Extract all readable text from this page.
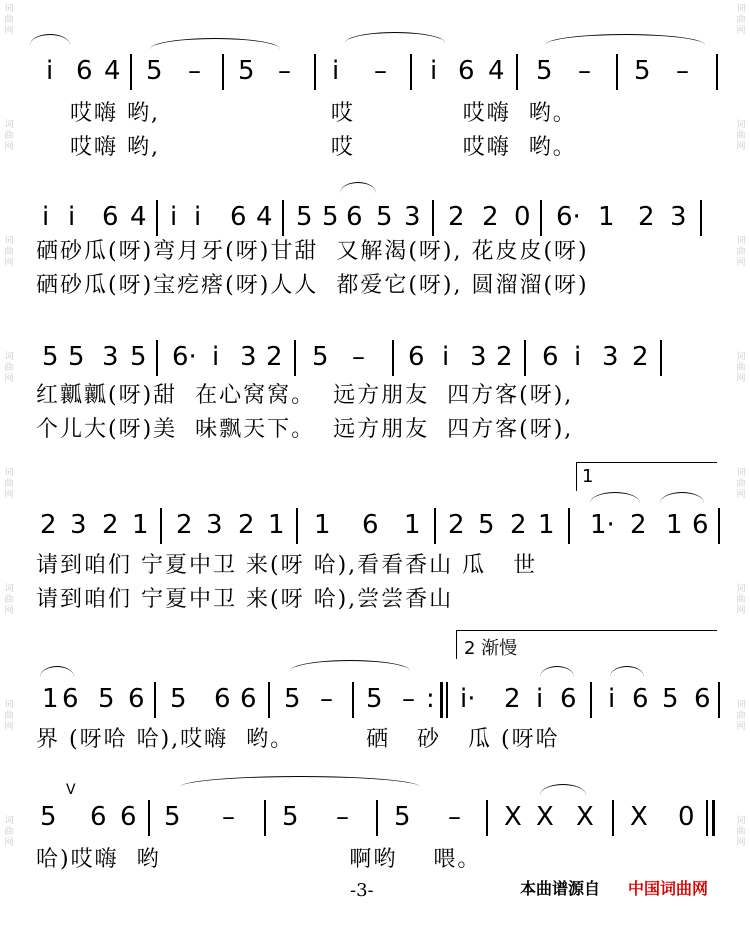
词曲网
词曲网
词曲网
词曲网
词曲网
词曲网
词曲网
词曲网
词曲网
词曲网
词曲网
词曲网
词曲网
词曲网
词曲网
词曲网
i 6 4 5 – 5 – i – i 6 4 5 – 5 –
哎嗨 哟,                   哎            哎嗨  哟。
哎嗨 哟,                   哎            哎嗨  哟。
i i 6 4 i i 6 4 5 5 6 5 3 2 2 0 6· 1 2 3
硒砂瓜(呀)弯月牙(呀)甘甜  又解渴(呀), 花皮皮(呀)
硒砂瓜(呀)宝疙瘩(呀)人人  都爱它(呀), 圆溜溜(呀)
5 5 3 5 6· i 3 2 5 – 6 i 3 2 6 i 3 2
红瓤瓤(呀)甜  在心窝窝。  远方朋友  四方客(呀),
个儿大(呀)美  味飘天下。  远方朋友  四方客(呀),
1
2 3 2 1 2 3 2 1 1 6 1 2 5 2 1 1· 2 1 6
请到咱们 宁夏中卫 来(呀 哈),看看香山 瓜   世
请到咱们 宁夏中卫 来(呀 哈),尝尝香山
2 渐慢
1 6 5 6 5 6 6 5 – 5 – : i· 2 i 6 i 6 5 6
界 (呀哈 哈),哎嗨  哟。        硒   砂   瓜 (呀哈
V
5 6 6 5 – 5 – 5 – X X X X 0
哈)哎嗨  哟                     啊哟    喂。
-3-	本曲谱源自 中国词曲网
